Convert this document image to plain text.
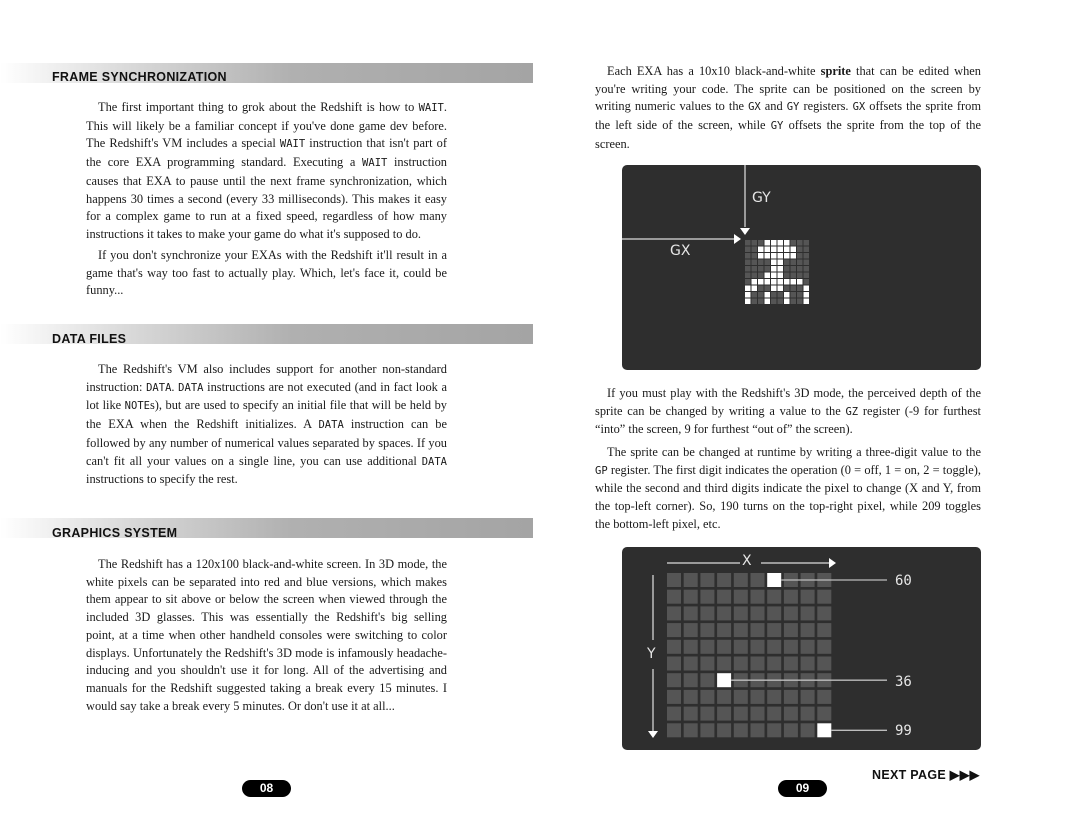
FRAME SYNCHRONIZATION

The first important thing to grok about the Redshift is how to WAIT. This will likely be a familiar concept if you've done game dev before. The Redshift's VM includes a special WAIT instruction that isn't part of the core EXA programming standard. Executing a WAIT instruction causes that EXA to pause until the next frame synchronization, which happens 30 times a second (every 33 milliseconds). This makes it easy for a complex game to run at a fixed speed, regardless of how many instructions it takes to make your game do what it's supposed to do.

If you don't synchronize your EXAs with the Redshift it'll result in a game that's way too fast to actually play. Which, let's face it, could be funny...

DATA FILES

The Redshift's VM also includes support for another non-standard instruction: DATA. DATA instructions are not executed (and in fact look a lot like NOTEs), but are used to specify an initial file that will be held by the EXA when the Redshift initializes. A DATA instruction can be followed by any number of numerical values separated by spaces. If you can't fit all your values on a single line, you can use additional DATA instructions to specify the rest.

GRAPHICS SYSTEM

The Redshift has a 120x100 black-and-white screen. In 3D mode, the white pixels can be separated into red and blue versions, which makes them appear to sit above or below the screen when viewed through the included 3D glasses. This was essentially the Redshift's big selling point, at a time when other handheld consoles were switching to color displays. Unfortunately the Redshift's 3D mode is infamously headache-inducing and you shouldn't use it for long. All of the advertising and manuals for the Redshift suggested taking a break every 15 minutes. I would say take a break every 5 minutes. Or don't use it at all...

Each EXA has a 10x10 black-and-white sprite that can be edited when you're writing your code. The sprite can be positioned on the screen by writing numeric values to the GX and GY registers. GX offsets the sprite from the left side of the screen, while GY offsets the sprite from the top of the screen.

GY
GX

If you must play with the Redshift's 3D mode, the perceived depth of the sprite can be changed by writing a value to the GZ register (-9 for furthest “into” the screen, 9 for furthest “out of” the screen).

The sprite can be changed at runtime by writing a three-digit value to the GP register. The first digit indicates the operation (0 = off, 1 = on, 2 = toggle), while the second and third digits indicate the pixel to change (X and Y, from the top-left corner). So, 190 turns on the top-right pixel, while 209 toggles the bottom-left pixel, etc.

X
Y
60
36
99
08	09
NEXT PAGE ▶▶▶
